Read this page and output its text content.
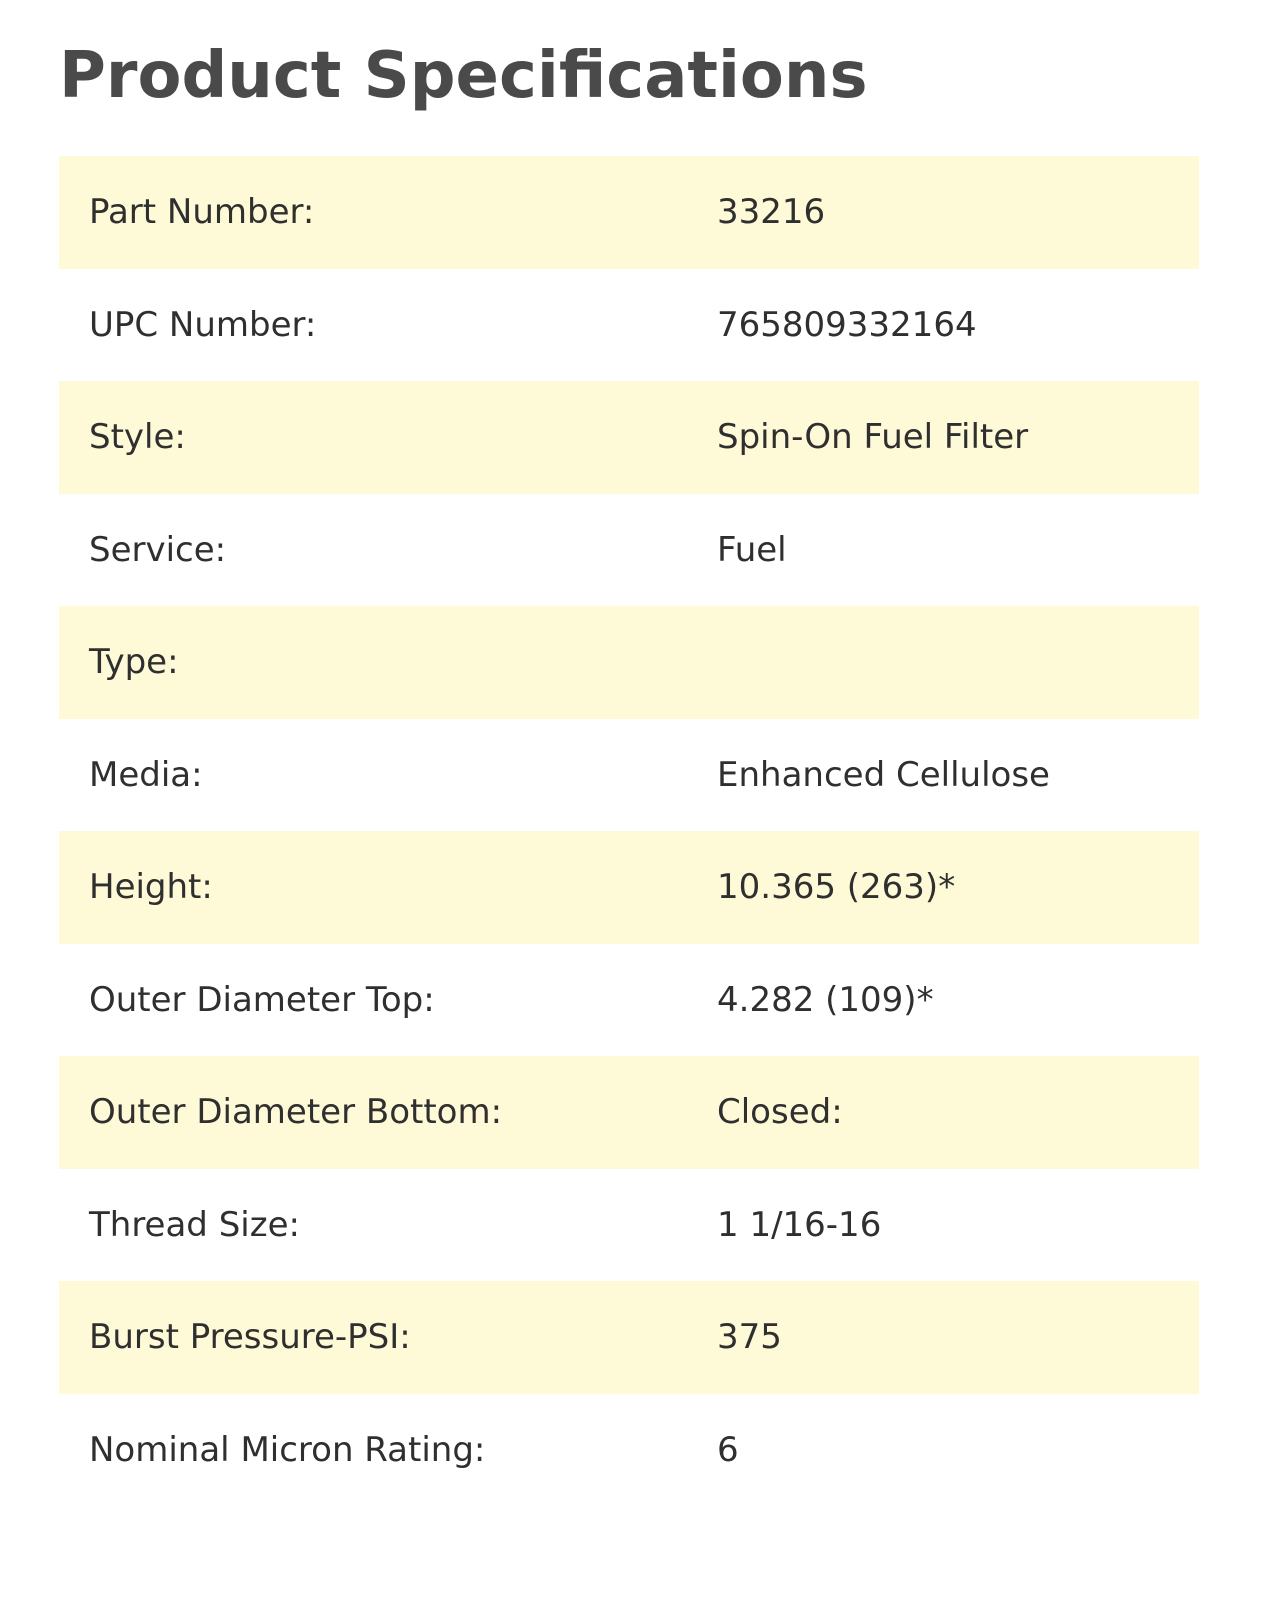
Product Specifications
Part Number:	33216
UPC Number:	765809332164
Style:	Spin-On Fuel Filter
Service:	Fuel
Type:	
Media:	Enhanced Cellulose
Height:	10.365 (263)*
Outer Diameter Top:	4.282 (109)*
Outer Diameter Bottom:	Closed:
Thread Size:	1 1/16-16
Burst Pressure-PSI:	375
Nominal Micron Rating:	6
